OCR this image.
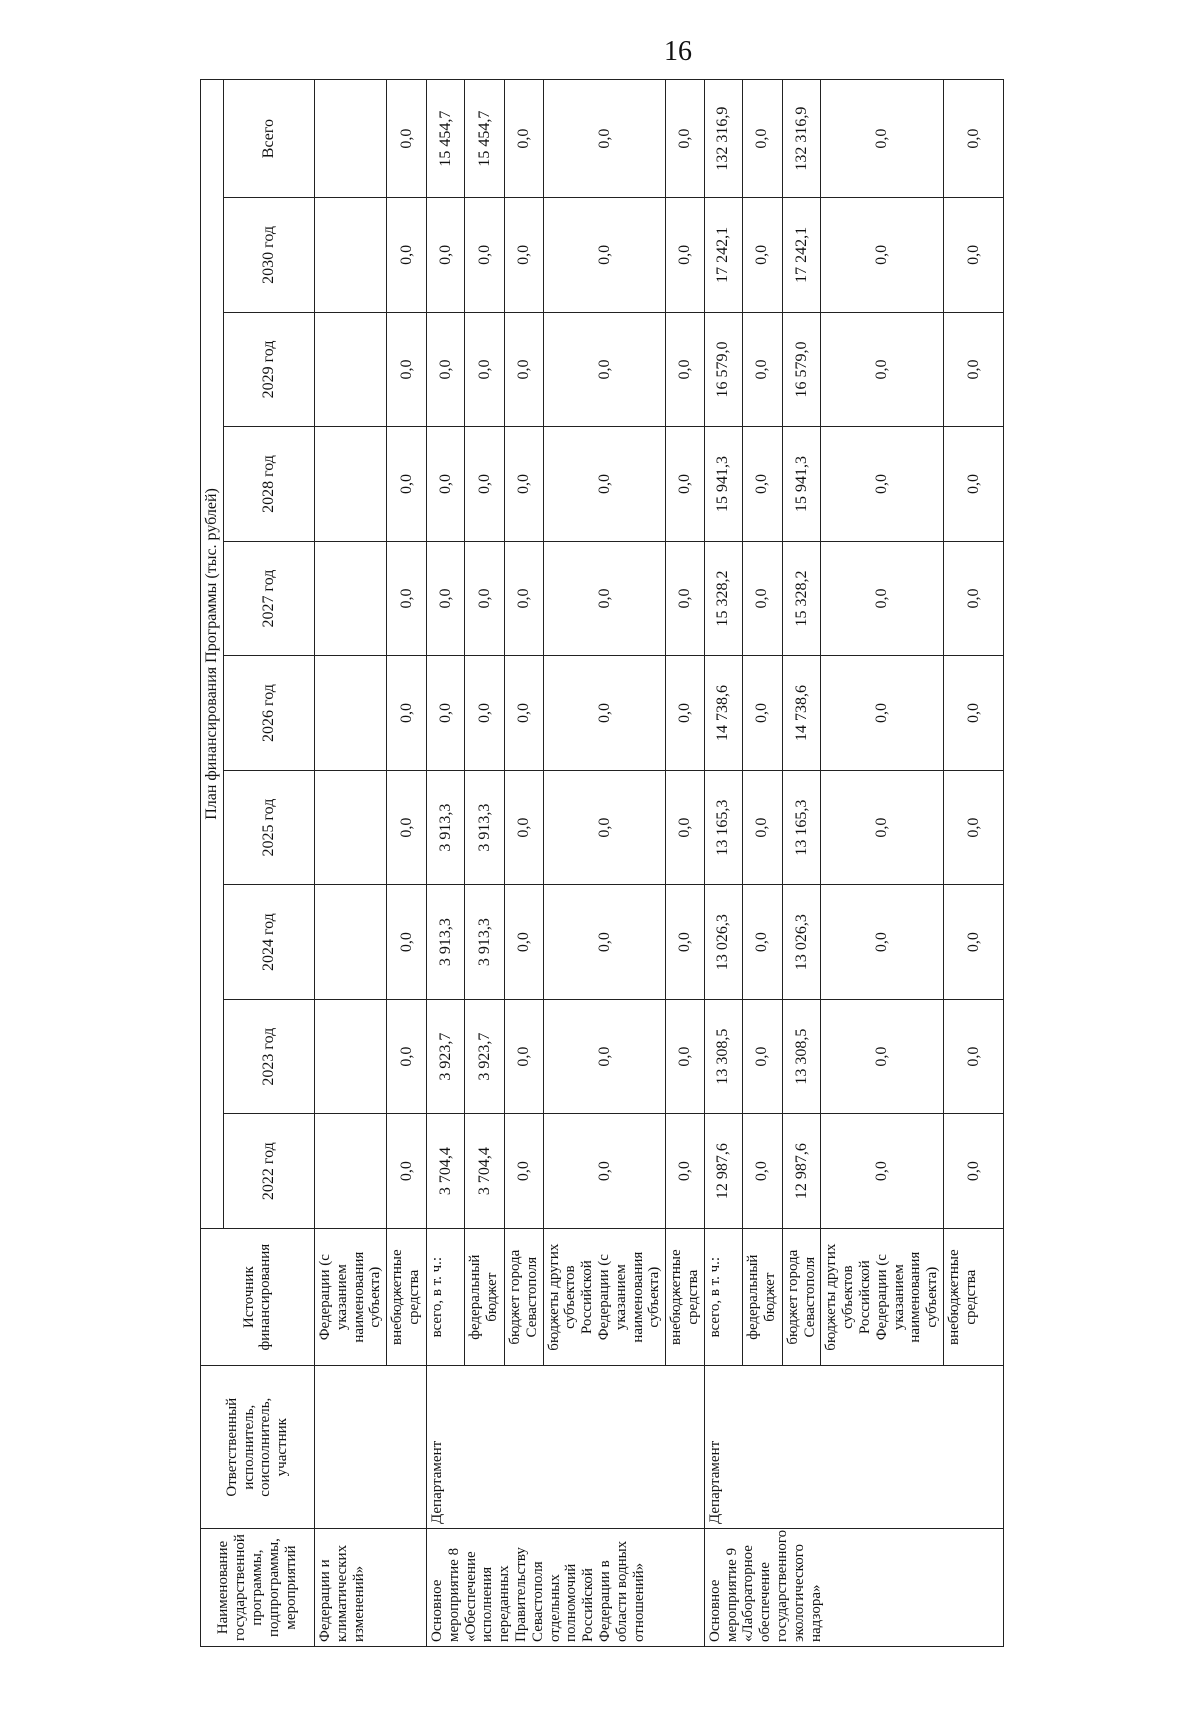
16
Наименование государственной программы, подпрограммы, мероприятий	Ответственный исполнитель, соисполнитель, участник	Источник финансирования	План финансирования Программы (тыс. рублей)									
			2022 год	2023 год	2024 год	2025 год	2026 год	2027 год	2028 год	2029 год	2030 год	Всего
Федерации и климатических изменений»		Федерации (с указанием наименования субъекта)										
		внебюджетные средства	0,0	0,0	0,0	0,0	0,0	0,0	0,0	0,0	0,0	0,0
Основное мероприятие 8 «Обеспечение исполнения переданных Правительству Севастополя отдельных полномочий Российской Федерации в области водных отношений»	Департамент	всего, в т. ч.:	3 704,4	3 923,7	3 913,3	3 913,3	0,0	0,0	0,0	0,0	0,0	15 454,7
		федеральный бюджет	3 704,4	3 923,7	3 913,3	3 913,3	0,0	0,0	0,0	0,0	0,0	15 454,7
		бюджет города Севастополя	0,0	0,0	0,0	0,0	0,0	0,0	0,0	0,0	0,0	0,0
		бюджеты других субъектов Российской Федерации (с указанием наименования субъекта)	0,0	0,0	0,0	0,0	0,0	0,0	0,0	0,0	0,0	0,0
		внебюджетные средства	0,0	0,0	0,0	0,0	0,0	0,0	0,0	0,0	0,0	0,0
Основное мероприятие 9 «Лабораторное обеспечение государственного экологического надзора»	Департамент	всего, в т. ч.:	12 987,6	13 308,5	13 026,3	13 165,3	14 738,6	15 328,2	15 941,3	16 579,0	17 242,1	132 316,9
		федеральный бюджет	0,0	0,0	0,0	0,0	0,0	0,0	0,0	0,0	0,0	0,0
		бюджет города Севастополя	12 987,6	13 308,5	13 026,3	13 165,3	14 738,6	15 328,2	15 941,3	16 579,0	17 242,1	132 316,9
		бюджеты других субъектов Российской Федерации (с указанием наименования субъекта)	0,0	0,0	0,0	0,0	0,0	0,0	0,0	0,0	0,0	0,0
		внебюджетные средства	0,0	0,0	0,0	0,0	0,0	0,0	0,0	0,0	0,0	0,0
